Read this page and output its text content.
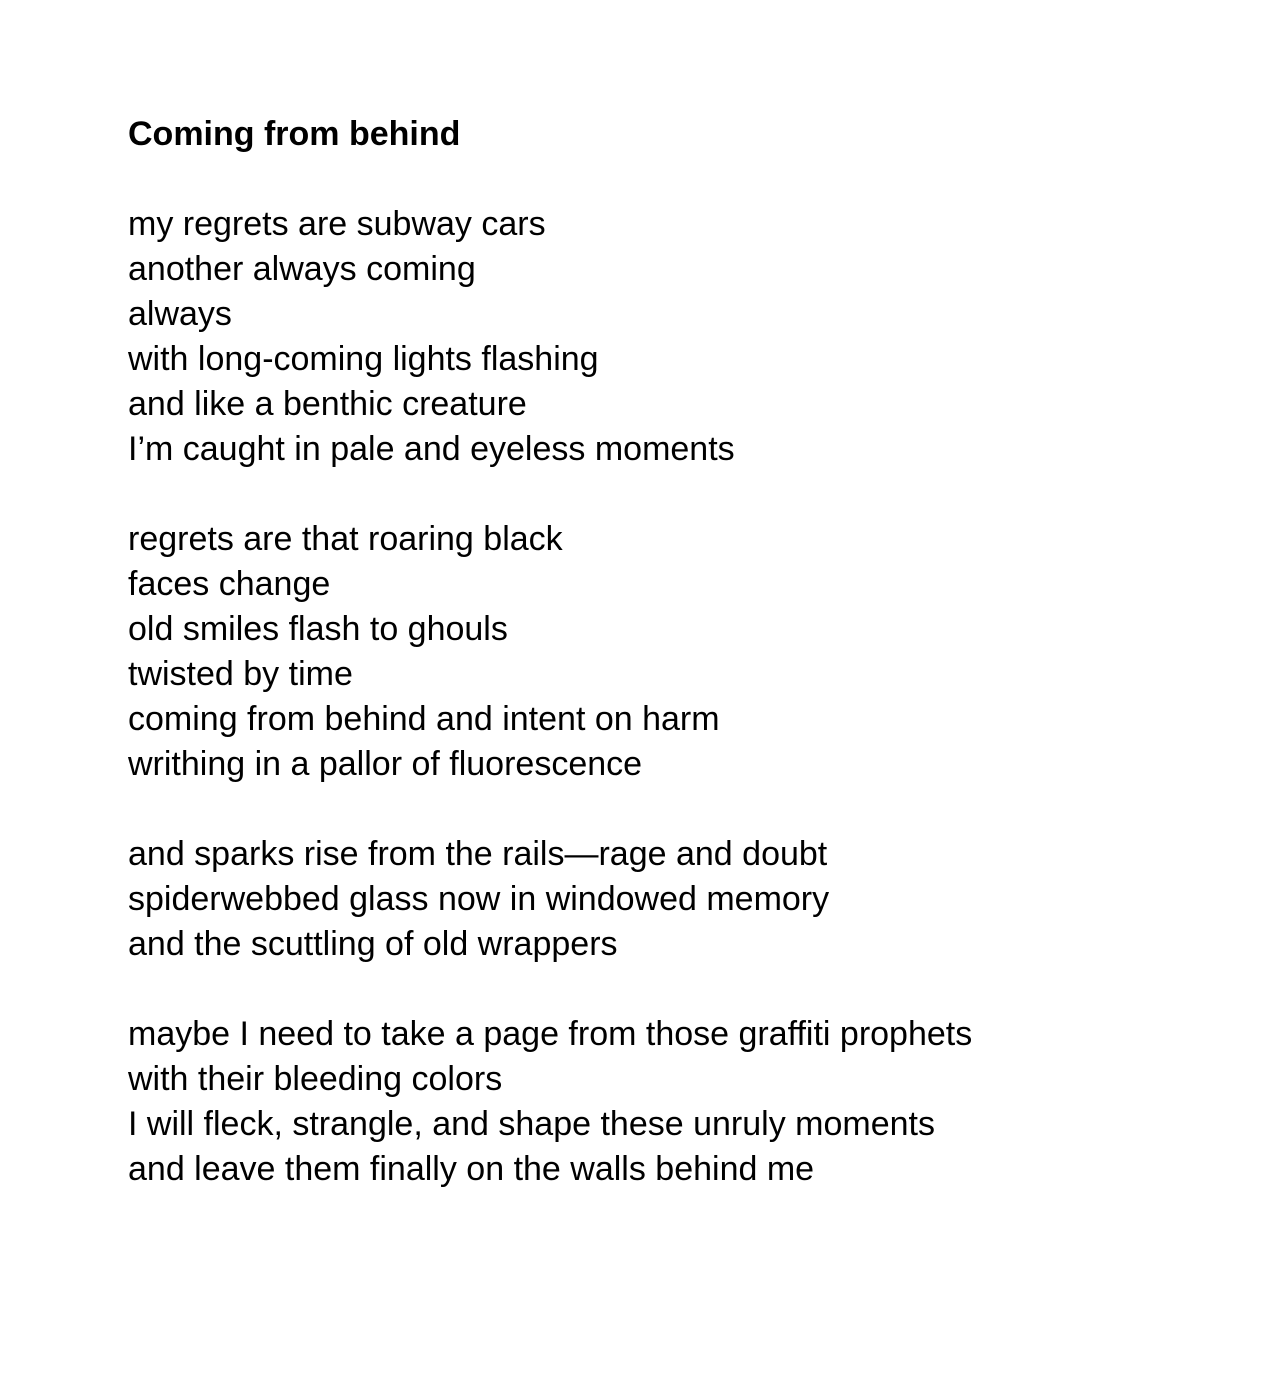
Coming from behind
my regrets are subway cars
another always coming
always
with long-coming lights flashing
and like a benthic creature
I’m caught in pale and eyeless moments
regrets are that roaring black
faces change
old smiles flash to ghouls
twisted by time
coming from behind and intent on harm
writhing in a pallor of fluorescence
and sparks rise from the rails—rage and doubt
spiderwebbed glass now in windowed memory
and the scuttling of old wrappers
maybe I need to take a page from those graffiti prophets
with their bleeding colors
I will fleck, strangle, and shape these unruly moments
and leave them finally on the walls behind me
